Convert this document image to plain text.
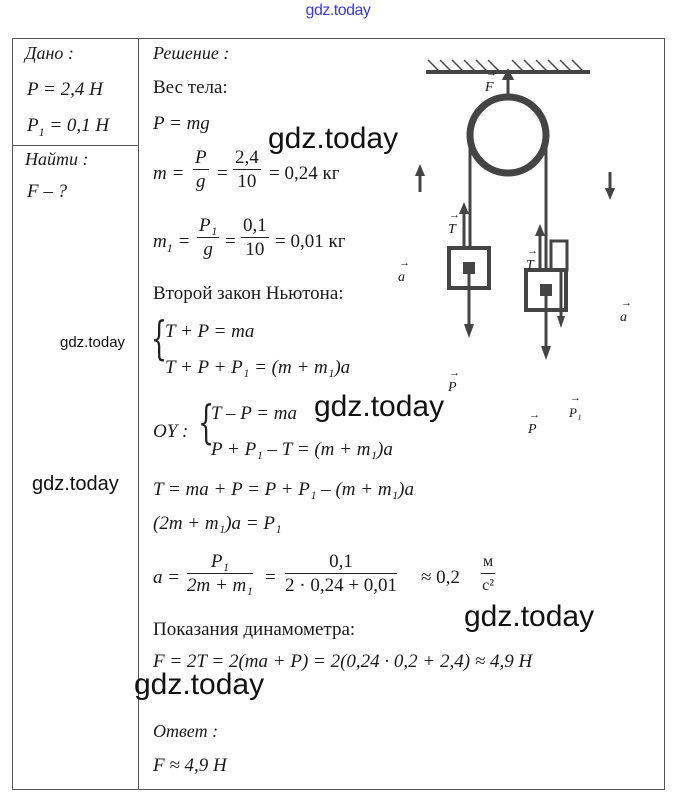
gdz.today
Дано :
P = 2,4 Н
$P_1 = 0,1$ Н
Найти :
F – ?
Решение :
Вес тела:
P = mg
$m = \frac{P}{g} = \frac{2,4}{10} = 0,24$ кг
$m_1 = \frac{\text{P₁}}{g} = \frac{0,1}{10} = 0,01$ кг
Второй закон Ньютона:
{
T + P = ma
T + P + P₁ = (m + m₁)a
OY : {
T – P = ma
P + P₁ – T = (m + m₁)a
T = ma + P = P + P₁ – (m + m₁)a
(2m + m₁)a = P₁
$a = \frac{\text{P₁}}{\text{2m + m₁}} = \frac{0,1}{2 \cdot 0,24 + 0,01} \approx 0,2$
м
с²
Показания динамометра:
F = 2T = 2(ma + P) = 2(0,24 · 0,2 + 2,4) ≈ 4,9 Н
Ответ :
F ≈ 4,9 Н
→ F
→ T
→ T
→ P
→ P
→ P₁
→ a
→ a
gdz.today
gdz.today
gdz.today
gdz.today
gdz.today
gdz.today
